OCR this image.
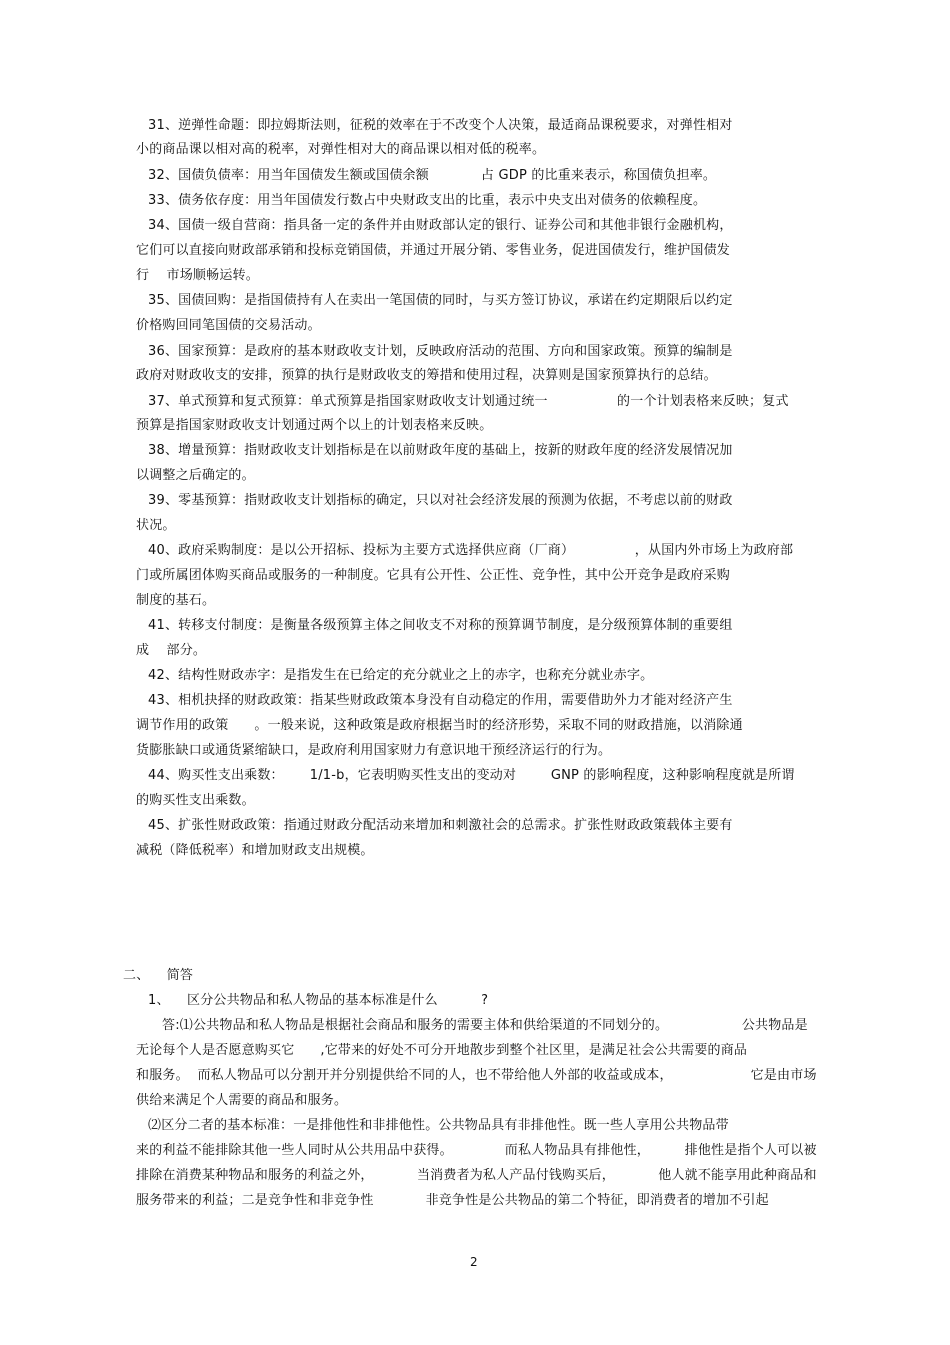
31、逆弹性命题：即拉姆斯法则，征税的效率在于不改变个人决策，最适商品课税要求，对弹性相对
小的商品课以相对高的税率，对弹性相对大的商品课以相对低的税率。
32、国债负债率：用当年国债发生额或国债余额            占 GDP 的比重来表示，称国债负担率。
33、债务依存度：用当年国债发行数占中央财政支出的比重，表示中央支出对债务的依赖程度。
34、国债一级自营商：指具备一定的条件并由财政部认定的银行、证券公司和其他非银行金融机构，
它们可以直接向财政部承销和投标竞销国债，并通过开展分销、零售业务，促进国债发行，维护国债发
行    市场顺畅运转。
35、国债回购：是指国债持有人在卖出一笔国债的同时，与买方签订协议，承诺在约定期限后以约定
价格购回同笔国债的交易活动。
36、国家预算：是政府的基本财政收支计划，反映政府活动的范围、方向和国家政策。预算的编制是
政府对财政收支的安排，预算的执行是财政收支的筹措和使用过程，决算则是国家预算执行的总结。
37、单式预算和复式预算：单式预算是指国家财政收支计划通过统一                的一个计划表格来反映；复式
预算是指国家财政收支计划通过两个以上的计划表格来反映。
38、增量预算：指财政收支计划指标是在以前财政年度的基础上，按新的财政年度的经济发展情况加
以调整之后确定的。
39、零基预算：指财政收支计划指标的确定，只以对社会经济发展的预测为依据，不考虑以前的财政
状况。
40、政府采购制度：是以公开招标、投标为主要方式选择供应商（厂商）              ，从国内外市场上为政府部
门或所属团体购买商品或服务的一种制度。它具有公开性、公正性、竞争性，其中公开竞争是政府采购
制度的基石。
41、转移支付制度：是衡量各级预算主体之间收支不对称的预算调节制度，是分级预算体制的重要组
成    部分。
42、结构性财政赤字：是指发生在已给定的充分就业之上的赤字，也称充分就业赤字。
43、相机抉择的财政政策：指某些财政政策本身没有自动稳定的作用，需要借助外力才能对经济产生
调节作用的政策      。一般来说，这种政策是政府根据当时的经济形势，采取不同的财政措施，以消除通
货膨胀缺口或通货紧缩缺口，是政府利用国家财力有意识地干预经济运行的行为。
44、购买性支出乘数：      1/1-b，它表明购买性支出的变动对        GNP 的影响程度，这种影响程度就是所谓
的购买性支出乘数。
45、扩张性财政政策：指通过财政分配活动来增加和刺激社会的总需求。扩张性财政政策载体主要有
减税（降低税率）和增加财政支出规模。
二、    简答
1、    区分公共物品和私人物品的基本标准是什么          ?
答:⑴公共物品和私人物品是根据社会商品和服务的需要主体和供给渠道的不同划分的。                 公共物品是
无论每个人是否愿意购买它      ,它带来的好处不可分开地散步到整个社区里，是满足社会公共需要的商品
和服务。  而私人物品可以分割开并分别提供给不同的人，也不带给他人外部的收益或成本，                  它是由市场
供给来满足个人需要的商品和服务。
⑵区分二者的基本标准：一是排他性和非排他性。公共物品具有非排他性。既一些人享用公共物品带
来的利益不能排除其他一些人同时从公共用品中获得。            而私人物品具有排他性，        排他性是指个人可以被
排除在消费某种物品和服务的利益之外，          当消费者为私人产品付钱购买后，          他人就不能享用此种商品和
服务带来的利益；二是竞争性和非竞争性            非竞争性是公共物品的第二个特征，即消费者的增加不引起
2
